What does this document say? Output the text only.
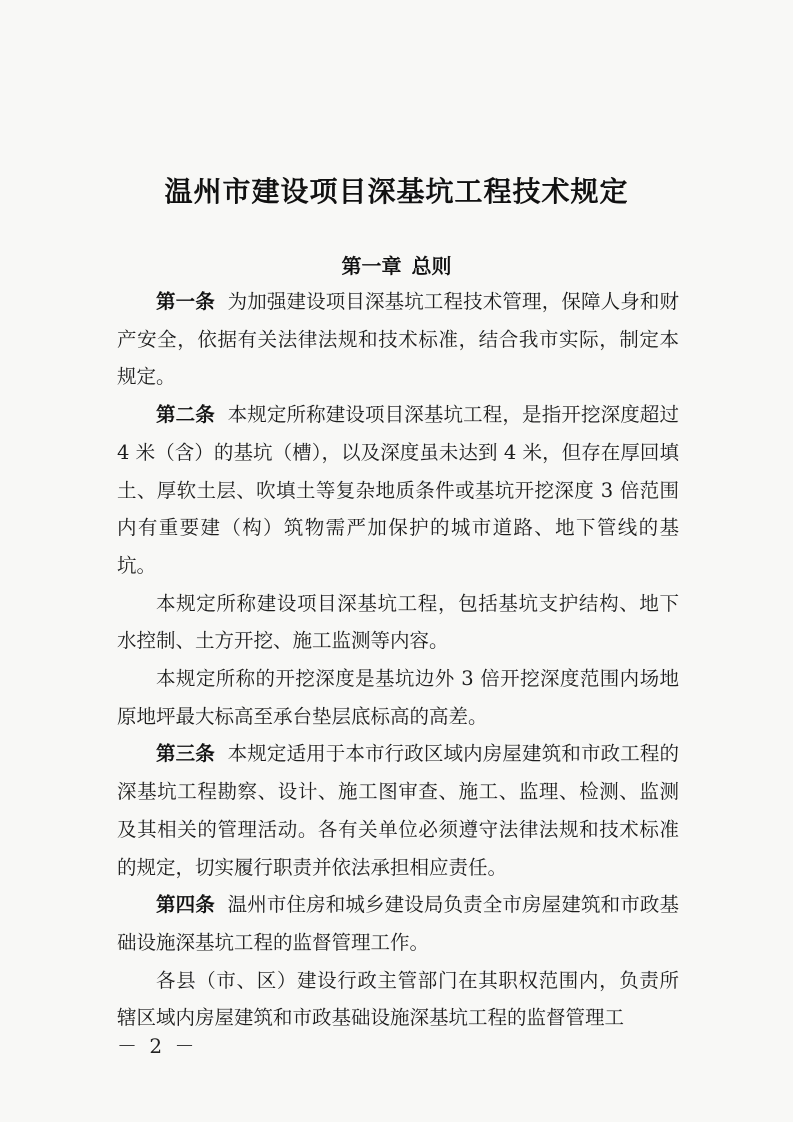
温州市建设项目深基坑工程技术规定
第一章 总则

第一条 为加强建设项目深基坑工程技术管理，保障人身和财产安全，依据有关法律法规和技术标准，结合我市实际，制定本规定。

第二条 本规定所称建设项目深基坑工程，是指开挖深度超过 4 米（含）的基坑（槽），以及深度虽未达到 4 米，但存在厚回填土、厚软土层、吹填土等复杂地质条件或基坑开挖深度 3 倍范围内有重要建（构）筑物需严加保护的城市道路、地下管线的基坑。

本规定所称建设项目深基坑工程，包括基坑支护结构、地下水控制、土方开挖、施工监测等内容。

本规定所称的开挖深度是基坑边外 3 倍开挖深度范围内场地原地坪最大标高至承台垫层底标高的高差。

第三条 本规定适用于本市行政区域内房屋建筑和市政工程的深基坑工程勘察、设计、施工图审查、施工、监理、检测、监测及其相关的管理活动。各有关单位必须遵守法律法规和技术标准的规定，切实履行职责并依法承担相应责任。

第四条 温州市住房和城乡建设局负责全市房屋建筑和市政基础设施深基坑工程的监督管理工作。

各县（市、区）建设行政主管部门在其职权范围内，负责所辖区域内房屋建筑和市政基础设施深基坑工程的监督管理工

－ 2 －
